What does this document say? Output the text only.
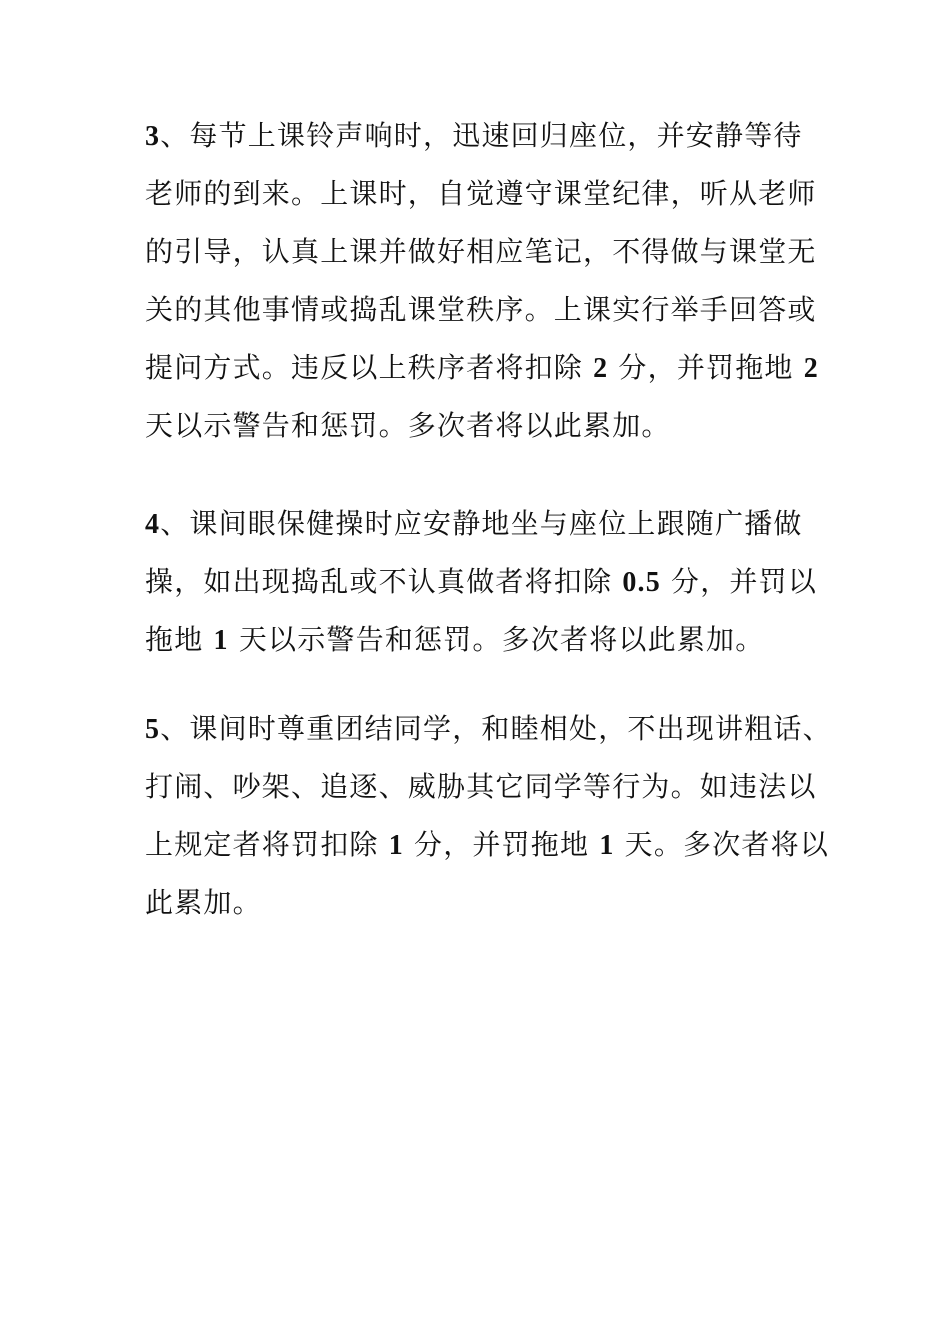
3、每节上课铃声响时，迅速回归座位，并安静等待
老师的到来。上课时，自觉遵守课堂纪律，听从老师
的引导，认真上课并做好相应笔记，不得做与课堂无
关的其他事情或捣乱课堂秩序。上课实行举手回答或
提问方式。违反以上秩序者将扣除 2 分，并罚拖地 2
天以示警告和惩罚。多次者将以此累加。
4、课间眼保健操时应安静地坐与座位上跟随广播做
操，如出现捣乱或不认真做者将扣除 0.5 分，并罚以
拖地 1 天以示警告和惩罚。多次者将以此累加。
5、课间时尊重团结同学，和睦相处，不出现讲粗话、
打闹、吵架、追逐、威胁其它同学等行为。如违法以
上规定者将罚扣除 1 分，并罚拖地 1 天。多次者将以
此累加。
